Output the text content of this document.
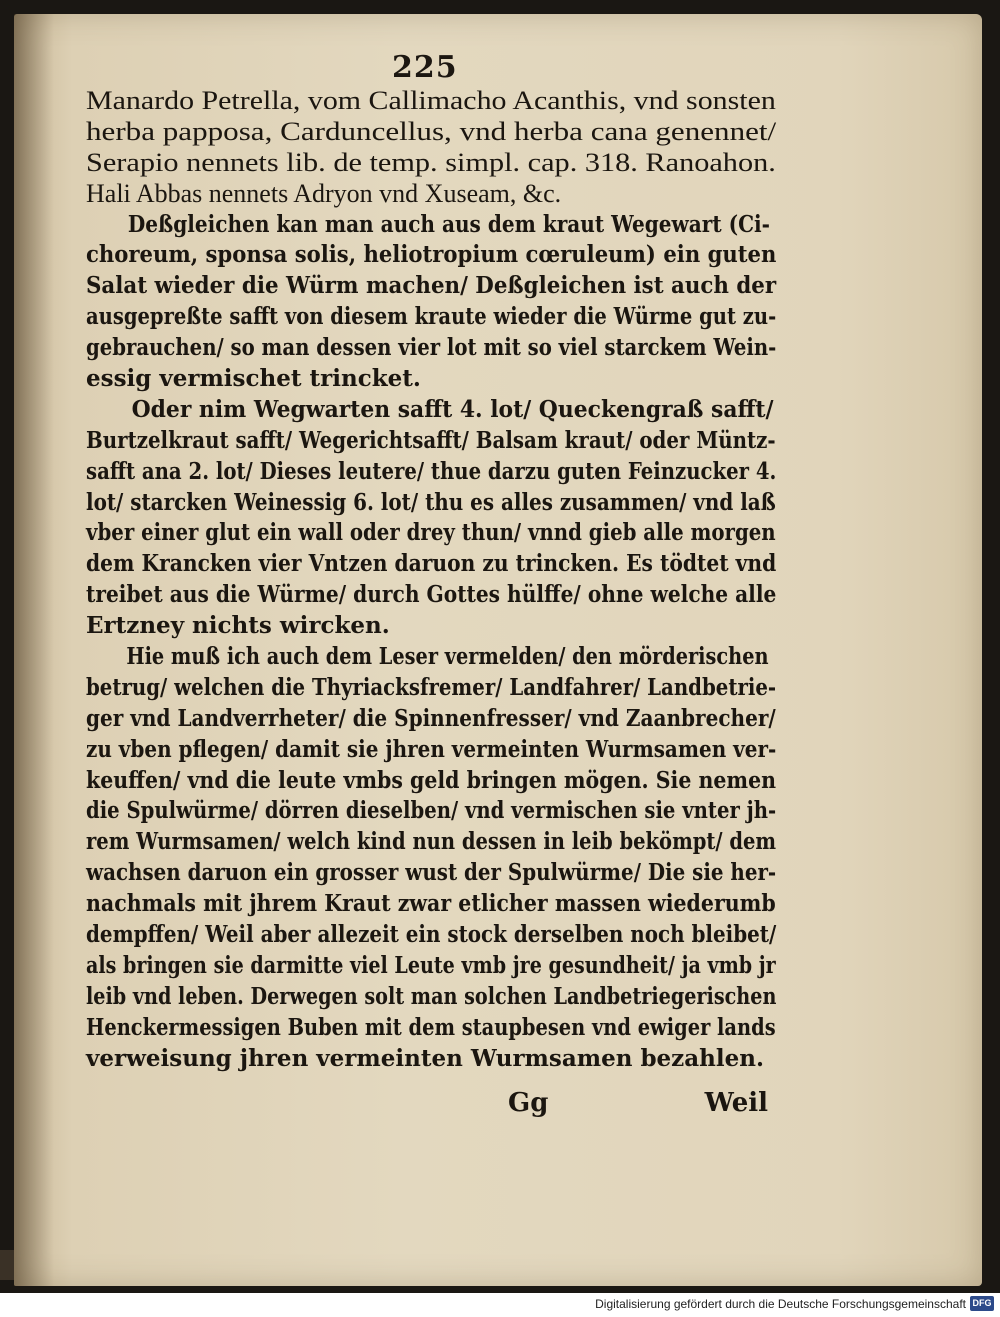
225
Manardo Petrella, vom Callimacho Acanthis, vnd sonsten
herba papposa, Carduncellus, vnd herba cana genennet/
Serapio nennets lib. de temp. simpl. cap. 318. Ranoahon.
Hali Abbas nennets Adryon vnd Xuseam, &c.
Deßgleichen kan man auch aus dem kraut Wegewart (Ci-
choreum, sponsa solis, heliotropium cœruleum) ein guten
Salat wieder die Würm machen/ Deßgleichen ist auch der
ausgepreßte safft von diesem kraute wieder die Würme gut zu-
gebrauchen/ so man dessen vier lot mit so viel starckem Wein-
essig vermischet trincket.
Oder nim Wegwarten safft 4. lot/ Queckengraß safft/
Burtzelkraut safft/ Wegerichtsafft/ Balsam kraut/ oder Müntz-
safft ana 2. lot/ Dieses leutere/ thue darzu guten Feinzucker 4.
lot/ starcken Weinessig 6. lot/ thu es alles zusammen/ vnd laß
vber einer glut ein wall oder drey thun/ vnnd gieb alle morgen
dem Krancken vier Vntzen daruon zu trincken. Es tödtet vnd
treibet aus die Würme/ durch Gottes hülffe/ ohne welche alle
Ertzney nichts wircken.
Hie muß ich auch dem Leser vermelden/ den mörderischen
betrug/ welchen die Thyriacksfremer/ Landfahrer/ Landbetrie-
ger vnd Landverrheter/ die Spinnenfresser/ vnd Zaanbrecher/
zu vben pflegen/ damit sie jhren vermeinten Wurmsamen ver-
keuffen/ vnd die leute vmbs geld bringen mögen. Sie nemen
die Spulwürme/ dörren dieselben/ vnd vermischen sie vnter jh-
rem Wurmsamen/ welch kind nun dessen in leib bekömpt/ dem
wachsen daruon ein grosser wust der Spulwürme/ Die sie her-
nachmals mit jhrem Kraut zwar etlicher massen wiederumb
dempffen/ Weil aber allezeit ein stock derselben noch bleibet/
als bringen sie darmitte viel Leute vmb jre gesundheit/ ja vmb jr
leib vnd leben. Derwegen solt man solchen Landbetriegerischen
Henckermessigen Buben mit dem staupbesen vnd ewiger lands
verweisung jhren vermeinten Wurmsamen bezahlen.
Gg	Weil
Digitalisierung gefördert durch die Deutsche Forschungsgemeinschaft DFG
